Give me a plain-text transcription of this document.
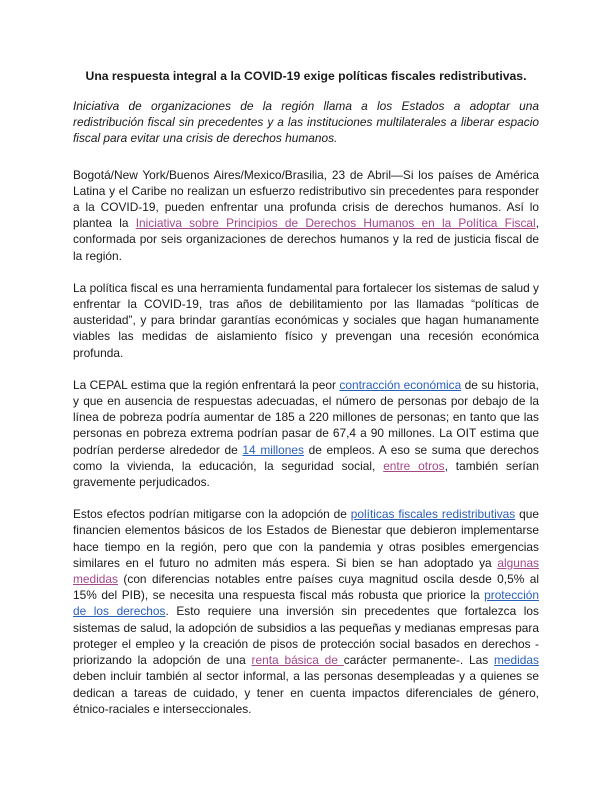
Una respuesta integral a la COVID-19 exige políticas fiscales redistributivas.

Iniciativa de organizaciones de la región llama a los Estados a adoptar una redistribución fiscal sin precedentes y a las instituciones multilaterales a liberar espacio fiscal para evitar una crisis de derechos humanos.

Bogotá/New York/Buenos Aires/Mexico/Brasilia, 23 de Abril—Si los países de América Latina y el Caribe no realizan un esfuerzo redistributivo sin precedentes para responder a la COVID-19, pueden enfrentar una profunda crisis de derechos humanos. Así lo plantea la Iniciativa sobre Principios de Derechos Humanos en la Política Fiscal, conformada por seis organizaciones de derechos humanos y la red de justicia fiscal de la región.

La política fiscal es una herramienta fundamental para fortalecer los sistemas de salud y enfrentar la COVID-19, tras años de debilitamiento por las llamadas “políticas de austeridad”, y para brindar garantías económicas y sociales que hagan humanamente viables las medidas de aislamiento físico y prevengan una recesión económica profunda.

La CEPAL estima que la región enfrentará la peor contracción económica de su historia, y que en ausencia de respuestas adecuadas, el número de personas por debajo de la línea de pobreza podría aumentar de 185 a 220 millones de personas; en tanto que las personas en pobreza extrema podrían pasar de 67,4 a 90 millones. La OIT estima que podrían perderse alrededor de 14 millones de empleos. A eso se suma que derechos como la vivienda, la educación, la seguridad social, entre otros, también serían gravemente perjudicados.

Estos efectos podrían mitigarse con la adopción de políticas fiscales redistributivas que financien elementos básicos de los Estados de Bienestar que debieron implementarse hace tiempo en la región, pero que con la pandemia y otras posibles emergencias similares en el futuro no admiten más espera. Si bien se han adoptado ya algunas medidas (con diferencias notables entre países cuya magnitud oscila desde 0,5% al 15% del PIB), se necesita una respuesta fiscal más robusta que priorice la protección de los derechos. Esto requiere una inversión sin precedentes que fortalezca los sistemas de salud, la adopción de subsidios a las pequeñas y medianas empresas para proteger el empleo y la creación de pisos de protección social basados en derechos -priorizando la adopción de una renta básica de carácter permanente-. Las medidas deben incluir también al sector informal, a las personas desempleadas y a quienes se dedican a tareas de cuidado, y tener en cuenta impactos diferenciales de género, étnico-raciales e interseccionales.
